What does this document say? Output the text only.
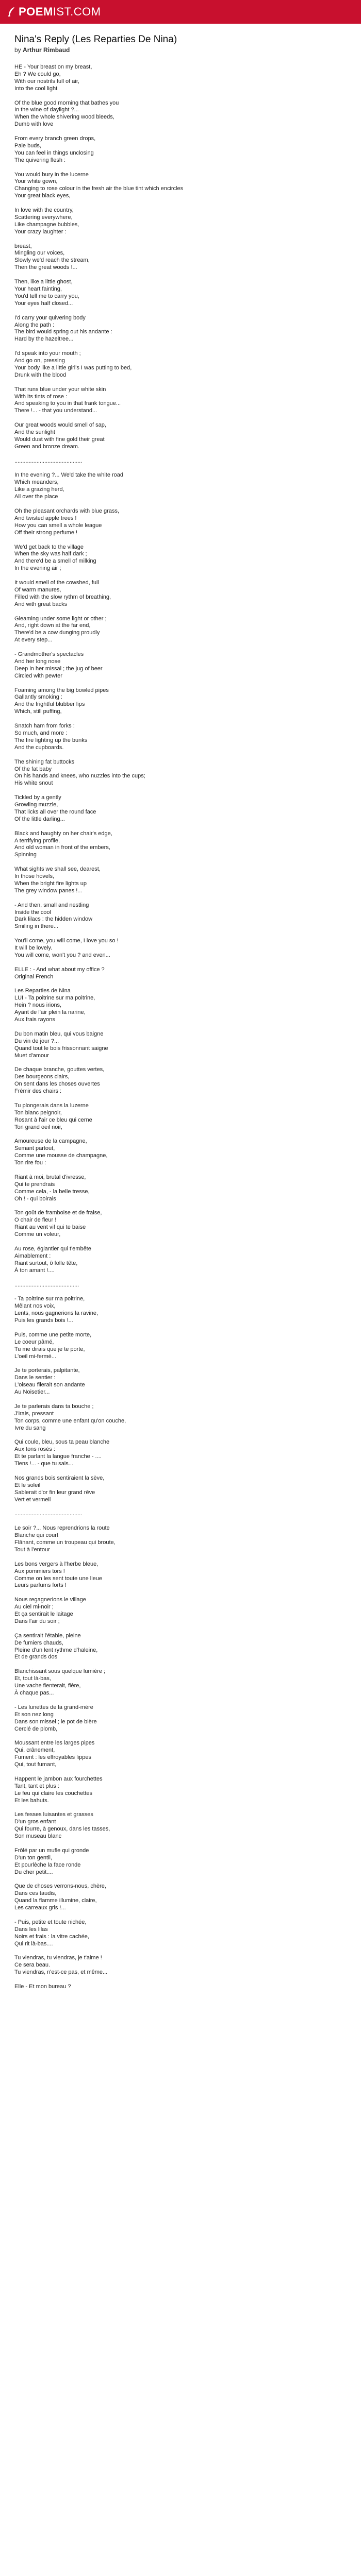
POEM IST.COM
Nina's Reply (Les Reparties De Nina)
by Arthur Rimbaud
HE - Your breast on my breast,
Eh ? We could go,
With our nostrils full of air,
Into the cool light
Of the blue good morning that bathes you
In the wine of daylight ?...
When the whole shivering wood bleeds,
Dumb with love
From every branch green drops,
Pale buds,
You can feel in things unclosing
The quivering flesh :
You would bury in the lucerne
Your white gown,
Changing to rose colour in the fresh air the blue tint which encircles
Your great black eyes,
In love with the country,
Scattering everywhere,
Like champagne bubbles,
Your crazy laughter :
breast,
Mingling our voices,
Slowly we'd reach the stream,
Then the great woods !...
Then, like a little ghost,
Your heart fainting,
You'd tell me to carry you,
Your eyes half closed...
I'd carry your quivering body
Along the path :
The bird would spring out his andante :
Hard by the hazeltree...
I'd speak into your mouth ;
And go on, pressing
Your body like a little girl's I was putting to bed,
Drunk with the blood
That runs blue under your white skin
With its tints of rose :
And speaking to you in that frank tongue...
There !... - that you understand...
Our great woods would smell of sap,
And the sunlight
Would dust with fine gold their great
Green and bronze dream.
...........................................
In the evening ?... We'd take the white road
Which meanders,
Like a grazing herd,
All over the place
Oh the pleasant orchards with blue grass,
And twisted apple trees !
How you can smell a whole league
Off their strong perfume !
We'd get back to the village
When the sky was half dark ;
And there'd be a smell of milking
In the evening air ;
It would smell of the cowshed, full
Of warm manures,
Filled with the slow rythm of breathing,
And with great backs
Gleaming under some light or other ;
And, right down at the far end,
There'd be a cow dunging proudly
At every step...
- Grandmother's spectacles
And her long nose
Deep in her missal ; the jug of beer
Circled with pewter
Foaming among the big bowled pipes
Gallantly smoking :
And the frightful blubber lips
Which, still puffing,
Snatch ham from forks :
So much, and more :
The fire lighting up the bunks
And the cupboards.
The shining fat buttocks
Of the fat baby
On his hands and knees, who nuzzles into the cups;
His white snout
Tickled by a gently
Growling muzzle,
That licks all over the round face
Of the little darling...
Black and haughty on her chair's edge,
A terrifying profile,
And old woman in front of the embers,
Spinning
What sights we shall see, dearest,
In those hovels,
When the bright fire lights up
The grey window panes !...
- And then, small and nestling
Inside the cool
Dark lilacs : the hidden window
Smiling in there...
You'll come, you will come, I love you so !
It will be lovely.
You will come, won't you ? and even...
ELLE : - And what about my office ?
Original French
Les Reparties de Nina
LUI - Ta poitrine sur ma poitrine,
Hein ? nous irions,
Ayant de l'air plein la narine,
Aux frais rayons
Du bon matin bleu, qui vous baigne
Du vin de jour ?...
Quand tout le bois frissonnant saigne
Muet d'amour
De chaque branche, gouttes vertes,
Des bourgeons clairs,
On sent dans les choses ouvertes
Frémir des chairs :
Tu plongerais dans la luzerne
Ton blanc peignoir,
Rosant à l'air ce bleu qui cerne
Ton grand oeil noir,
Amoureuse de la campagne,
Semant partout,
Comme une mousse de champagne,
Ton rire fou :
Riant à moi, brutal d'ivresse,
Qui te prendrais
Comme cela, - la belle tresse,
Oh ! - qui boirais
Ton goût de framboise et de fraise,
O chair de fleur !
Riant au vent vif qui te baise
Comme un voleur,
Au rose, églantier qui t'embête
Aimablement :
Riant surtout, ô folle tête,
À ton amant !....
.........................................
- Ta poitrine sur ma poitrine,
Mêlant nos voix,
Lents, nous gagnerions la ravine,
Puis les grands bois !...
Puis, comme une petite morte,
Le coeur pâmé,
Tu me dirais que je te porte,
L'oeil mi-fermé...
Je te porterais, palpitante,
Dans le sentier :
L'oiseau filerait son andante
Au Noisetier...
Je te parlerais dans ta bouche ;
J'irais, pressant
Ton corps, comme une enfant qu'on couche,
Ivre du sang
Qui coule, bleu, sous ta peau blanche
Aux tons rosés :
Et te parlant la langue franche - ....
Tiens !... - que tu sais...
Nos grands bois sentiraient la sève,
Et le soleil
Sablerait d'or fin leur grand rêve
Vert et vermeil
...........................................
Le soir ?... Nous reprendrions la route
Blanche qui court
Flânant, comme un troupeau qui broute,
Tout à l'entour
Les bons vergers à l'herbe bleue,
Aux pommiers tors !
Comme on les sent toute une lieue
Leurs parfums forts !
Nous regagnerions le village
Au ciel mi-noir ;
Et ça sentirait le laitage
Dans l'air du soir ;
Ça sentirait l'étable, pleine
De fumiers chauds,
Pleine d'un lent rythme d'haleine,
Et de grands dos
Blanchissant sous quelque lumière ;
Et, tout là-bas,
Une vache fienterait, fière,
À chaque pas...
- Les lunettes de la grand-mère
Et son nez long
Dans son missel ; le pot de bière
Cerclé de plomb,
Moussant entre les larges pipes
Qui, crânement,
Fument : les effroyables lippes
Qui, tout fumant,
Happent le jambon aux fourchettes
Tant, tant et plus :
Le feu qui claire les couchettes
Et les bahuts.
Les fesses luisantes et grasses
D'un gros enfant
Qui fourre, à genoux, dans les tasses,
Son museau blanc
Frôlé par un mufle qui gronde
D'un ton gentil,
Et pourlèche la face ronde
Du cher petit....
Que de choses verrons-nous, chère,
Dans ces taudis,
Quand la flamme illumine, claire,
Les carreaux gris !...
- Puis, petite et toute nichée,
Dans les lilas
Noirs et frais : la vitre cachée,
Qui rit là-bas....
Tu viendras, tu viendras, je t'aime !
Ce sera beau.
Tu viendras, n'est-ce pas, et même...
Elle - Et mon bureau ?
